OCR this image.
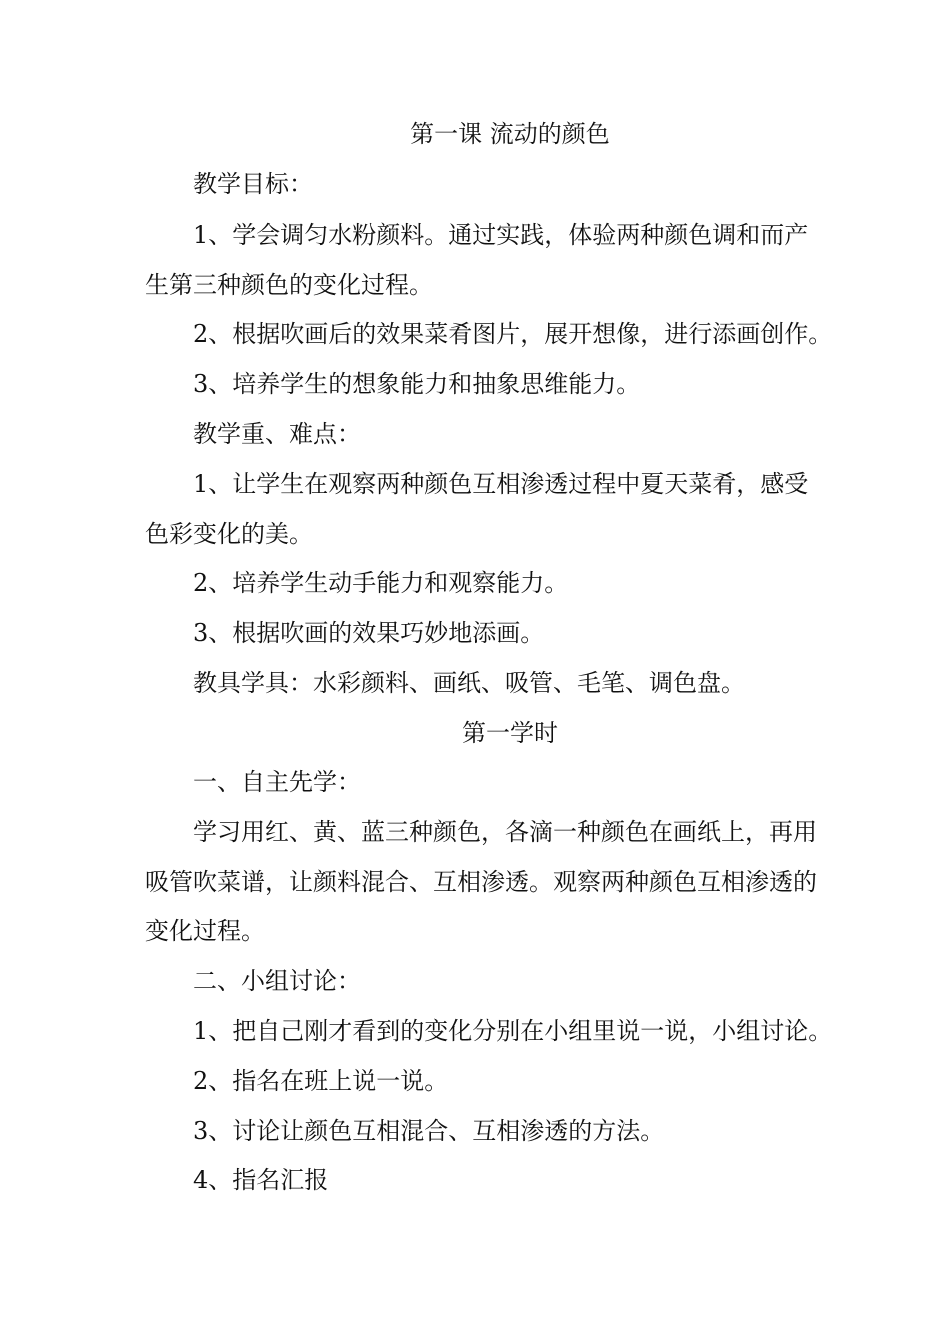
第一课 流动的颜色
教学目标：
1、学会调匀水粉颜料。通过实践，体验两种颜色调和而产
生第三种颜色的变化过程。
2、根据吹画后的效果菜肴图片，展开想像，进行添画创作。
3、培养学生的想象能力和抽象思维能力。
教学重、难点：
1、让学生在观察两种颜色互相渗透过程中夏天菜肴，感受
色彩变化的美。
2、培养学生动手能力和观察能力。
3、根据吹画的效果巧妙地添画。
教具学具：水彩颜料、画纸、吸管、毛笔、调色盘。
第一学时
一、自主先学：
学习用红、黄、蓝三种颜色，各滴一种颜色在画纸上，再用
吸管吹菜谱，让颜料混合、互相渗透。观察两种颜色互相渗透的
变化过程。
二、小组讨论：
1、把自己刚才看到的变化分别在小组里说一说，小组讨论。
2、指名在班上说一说。
3、讨论让颜色互相混合、互相渗透的方法。
4、指名汇报
